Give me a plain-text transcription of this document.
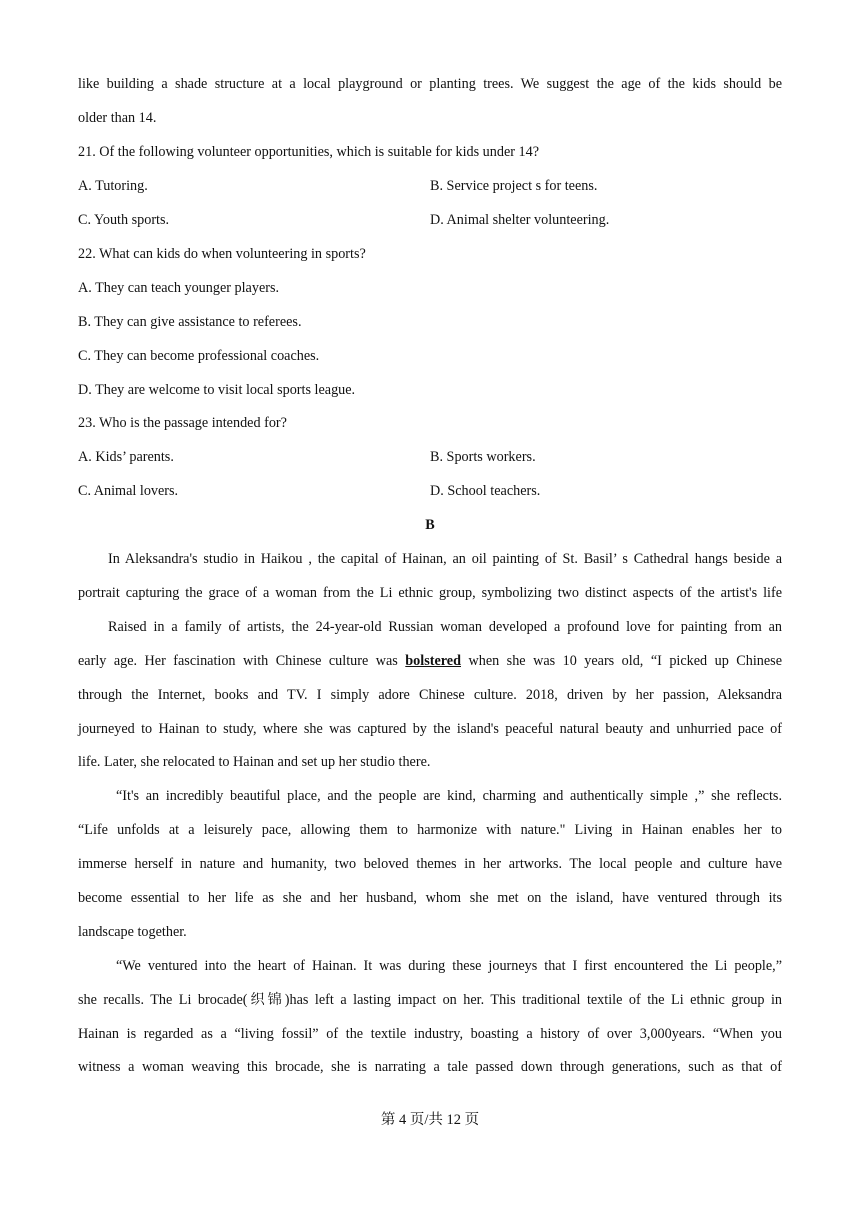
like building a shade structure at a local playground or planting trees. We suggest the age of the kids should be
older than 14.
21. Of the following volunteer opportunities, which is suitable for kids under 14?
A. Tutoring.	B. Service project s for teens.
C. Youth sports.	D. Animal shelter volunteering.
22. What can kids do when volunteering in sports?
A. They can teach younger players.
B. They can give assistance to referees.
C. They can become professional coaches.
D. They are welcome to visit local sports league.
23. Who is the passage intended for?
A. Kids’ parents.	B. Sports workers.
C. Animal lovers.	D. School teachers.
B
In Aleksandra's studio in Haikou , the capital of Hainan, an oil painting of St. Basil’ s Cathedral hangs beside a
portrait capturing the grace of a woman from the Li ethnic group, symbolizing two distinct aspects of the artist's life
Raised in a family of artists, the 24-year-old Russian woman developed a profound love for painting from an
early age. Her fascination with Chinese culture was bolstered when she was 10 years old, “I picked up Chinese
through the Internet, books and TV. I simply adore Chinese culture. 2018, driven by her passion, Aleksandra
journeyed to Hainan to study, where she was captured by the island's peaceful natural beauty and unhurried pace of
life. Later, she relocated to Hainan and set up her studio there.
“It's an incredibly beautiful place, and the people are kind, charming and authentically simple ,” she reflects.
“Life unfolds at a leisurely pace, allowing them to harmonize with nature." Living in Hainan enables her to
immerse herself in nature and humanity, two beloved themes in her artworks. The local people and culture have
become essential to her life as she and her husband, whom she met on the island, have ventured through its
landscape together.
“We ventured into the heart of Hainan. It was during these journeys that I first encountered the Li people,”
she recalls. The Li brocade(织锦)has left a lasting impact on her. This traditional textile of the Li ethnic group in
Hainan is regarded as a “living fossil” of the textile industry, boasting a history of over 3,000years. “When you
witness a woman weaving this brocade, she is narrating a tale passed down through generations, such as that of
第 4 页/共 12 页
